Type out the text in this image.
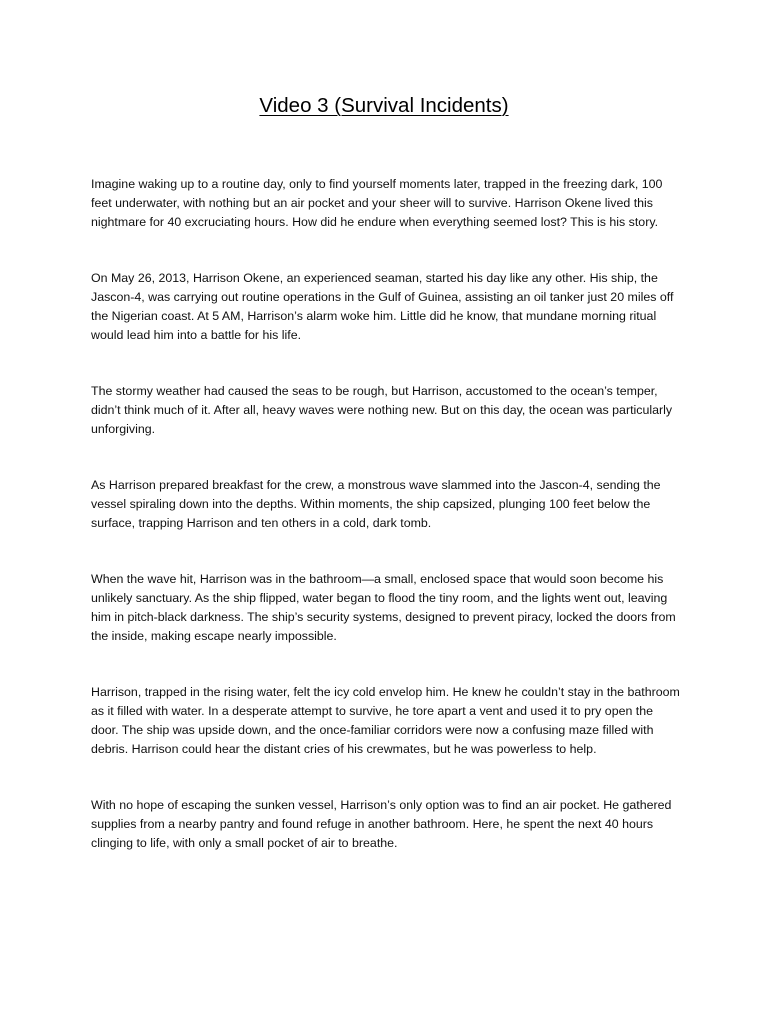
Video 3 (Survival Incidents)

Imagine waking up to a routine day, only to find yourself moments later, trapped in the freezing dark, 100 feet underwater, with nothing but an air pocket and your sheer will to survive. Harrison Okene lived this nightmare for 40 excruciating hours. How did he endure when everything seemed lost? This is his story.

On May 26, 2013, Harrison Okene, an experienced seaman, started his day like any other. His ship, the Jascon-4, was carrying out routine operations in the Gulf of Guinea, assisting an oil tanker just 20 miles off the Nigerian coast. At 5 AM, Harrison’s alarm woke him. Little did he know, that mundane morning ritual would lead him into a battle for his life.

The stormy weather had caused the seas to be rough, but Harrison, accustomed to the ocean’s temper, didn’t think much of it. After all, heavy waves were nothing new. But on this day, the ocean was particularly unforgiving.

As Harrison prepared breakfast for the crew, a monstrous wave slammed into the Jascon-4, sending the vessel spiraling down into the depths. Within moments, the ship capsized, plunging 100 feet below the surface, trapping Harrison and ten others in a cold, dark tomb.

When the wave hit, Harrison was in the bathroom—a small, enclosed space that would soon become his unlikely sanctuary. As the ship flipped, water began to flood the tiny room, and the lights went out, leaving him in pitch-black darkness. The ship’s security systems, designed to prevent piracy, locked the doors from the inside, making escape nearly impossible.

Harrison, trapped in the rising water, felt the icy cold envelop him. He knew he couldn’t stay in the bathroom as it filled with water. In a desperate attempt to survive, he tore apart a vent and used it to pry open the door. The ship was upside down, and the once-familiar corridors were now a confusing maze filled with debris. Harrison could hear the distant cries of his crewmates, but he was powerless to help.

With no hope of escaping the sunken vessel, Harrison’s only option was to find an air pocket. He gathered supplies from a nearby pantry and found refuge in another bathroom. Here, he spent the next 40 hours clinging to life, with only a small pocket of air to breathe.
